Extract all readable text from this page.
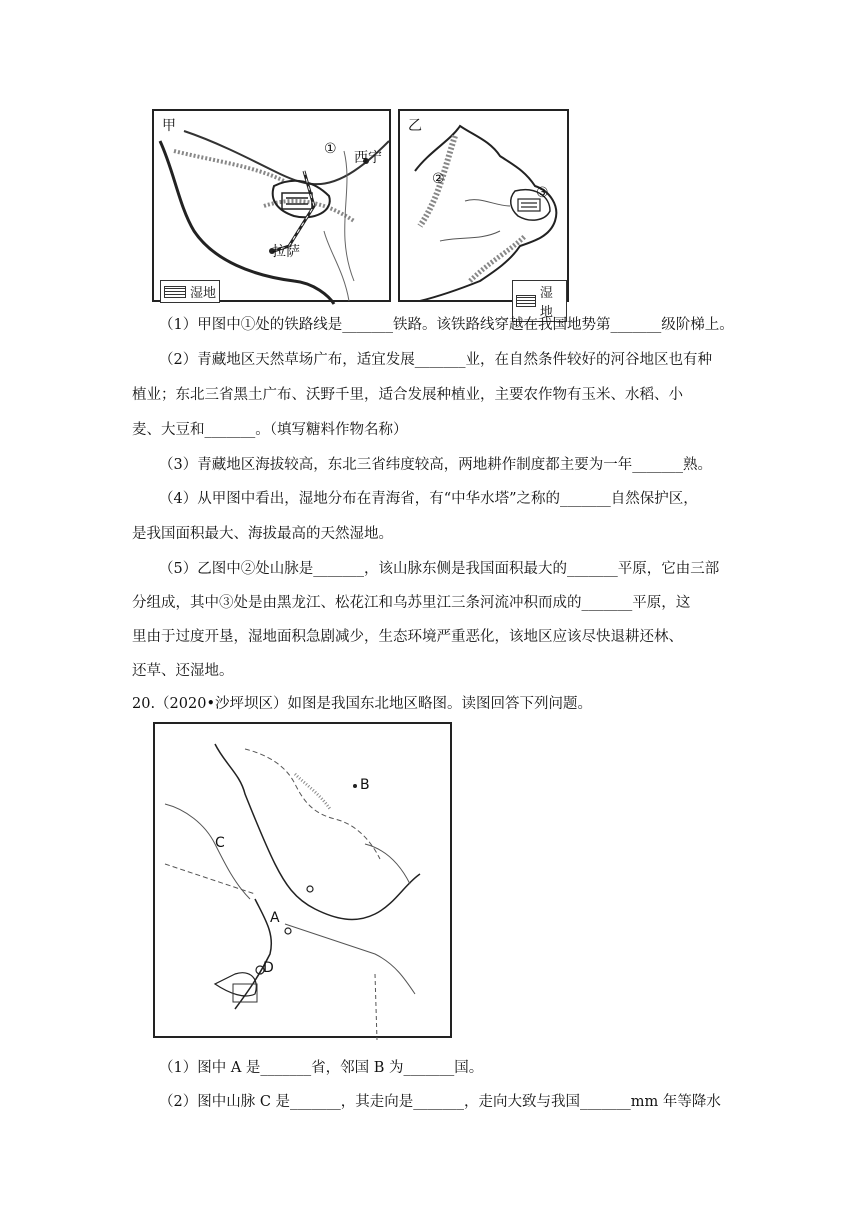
甲
①
西宁
拉萨
湿地
乙
②
③
湿地
（1）甲图中①处的铁路线是_______铁路。该铁路线穿越在我国地势第_______级阶梯上。
（2）青藏地区天然草场广布，适宜发展_______业，在自然条件较好的河谷地区也有种
植业；东北三省黑土广布、沃野千里，适合发展种植业，主要农作物有玉米、水稻、小
麦、大豆和_______。（填写糖料作物名称）
（3）青藏地区海拔较高，东北三省纬度较高，两地耕作制度都主要为一年_______熟。
（4）从甲图中看出，湿地分布在青海省，有“中华水塔”之称的_______自然保护区，
是我国面积最大、海拔最高的天然湿地。
（5）乙图中②处山脉是_______，该山脉东侧是我国面积最大的_______平原，它由三部
分组成，其中③处是由黑龙江、松花江和乌苏里江三条河流冲积而成的_______平原，这
里由于过度开垦，湿地面积急剧减少，生态环境严重恶化，该地区应该尽快退耕还林、
还草、还湿地。
20.（2020•沙坪坝区）如图是我国东北地区略图。读图回答下列问题。
B
C
A
D
（1）图中 A 是_______省，邻国 B 为_______国。
（2）图中山脉 C 是_______，其走向是_______，走向大致与我国_______mm 年等降水
